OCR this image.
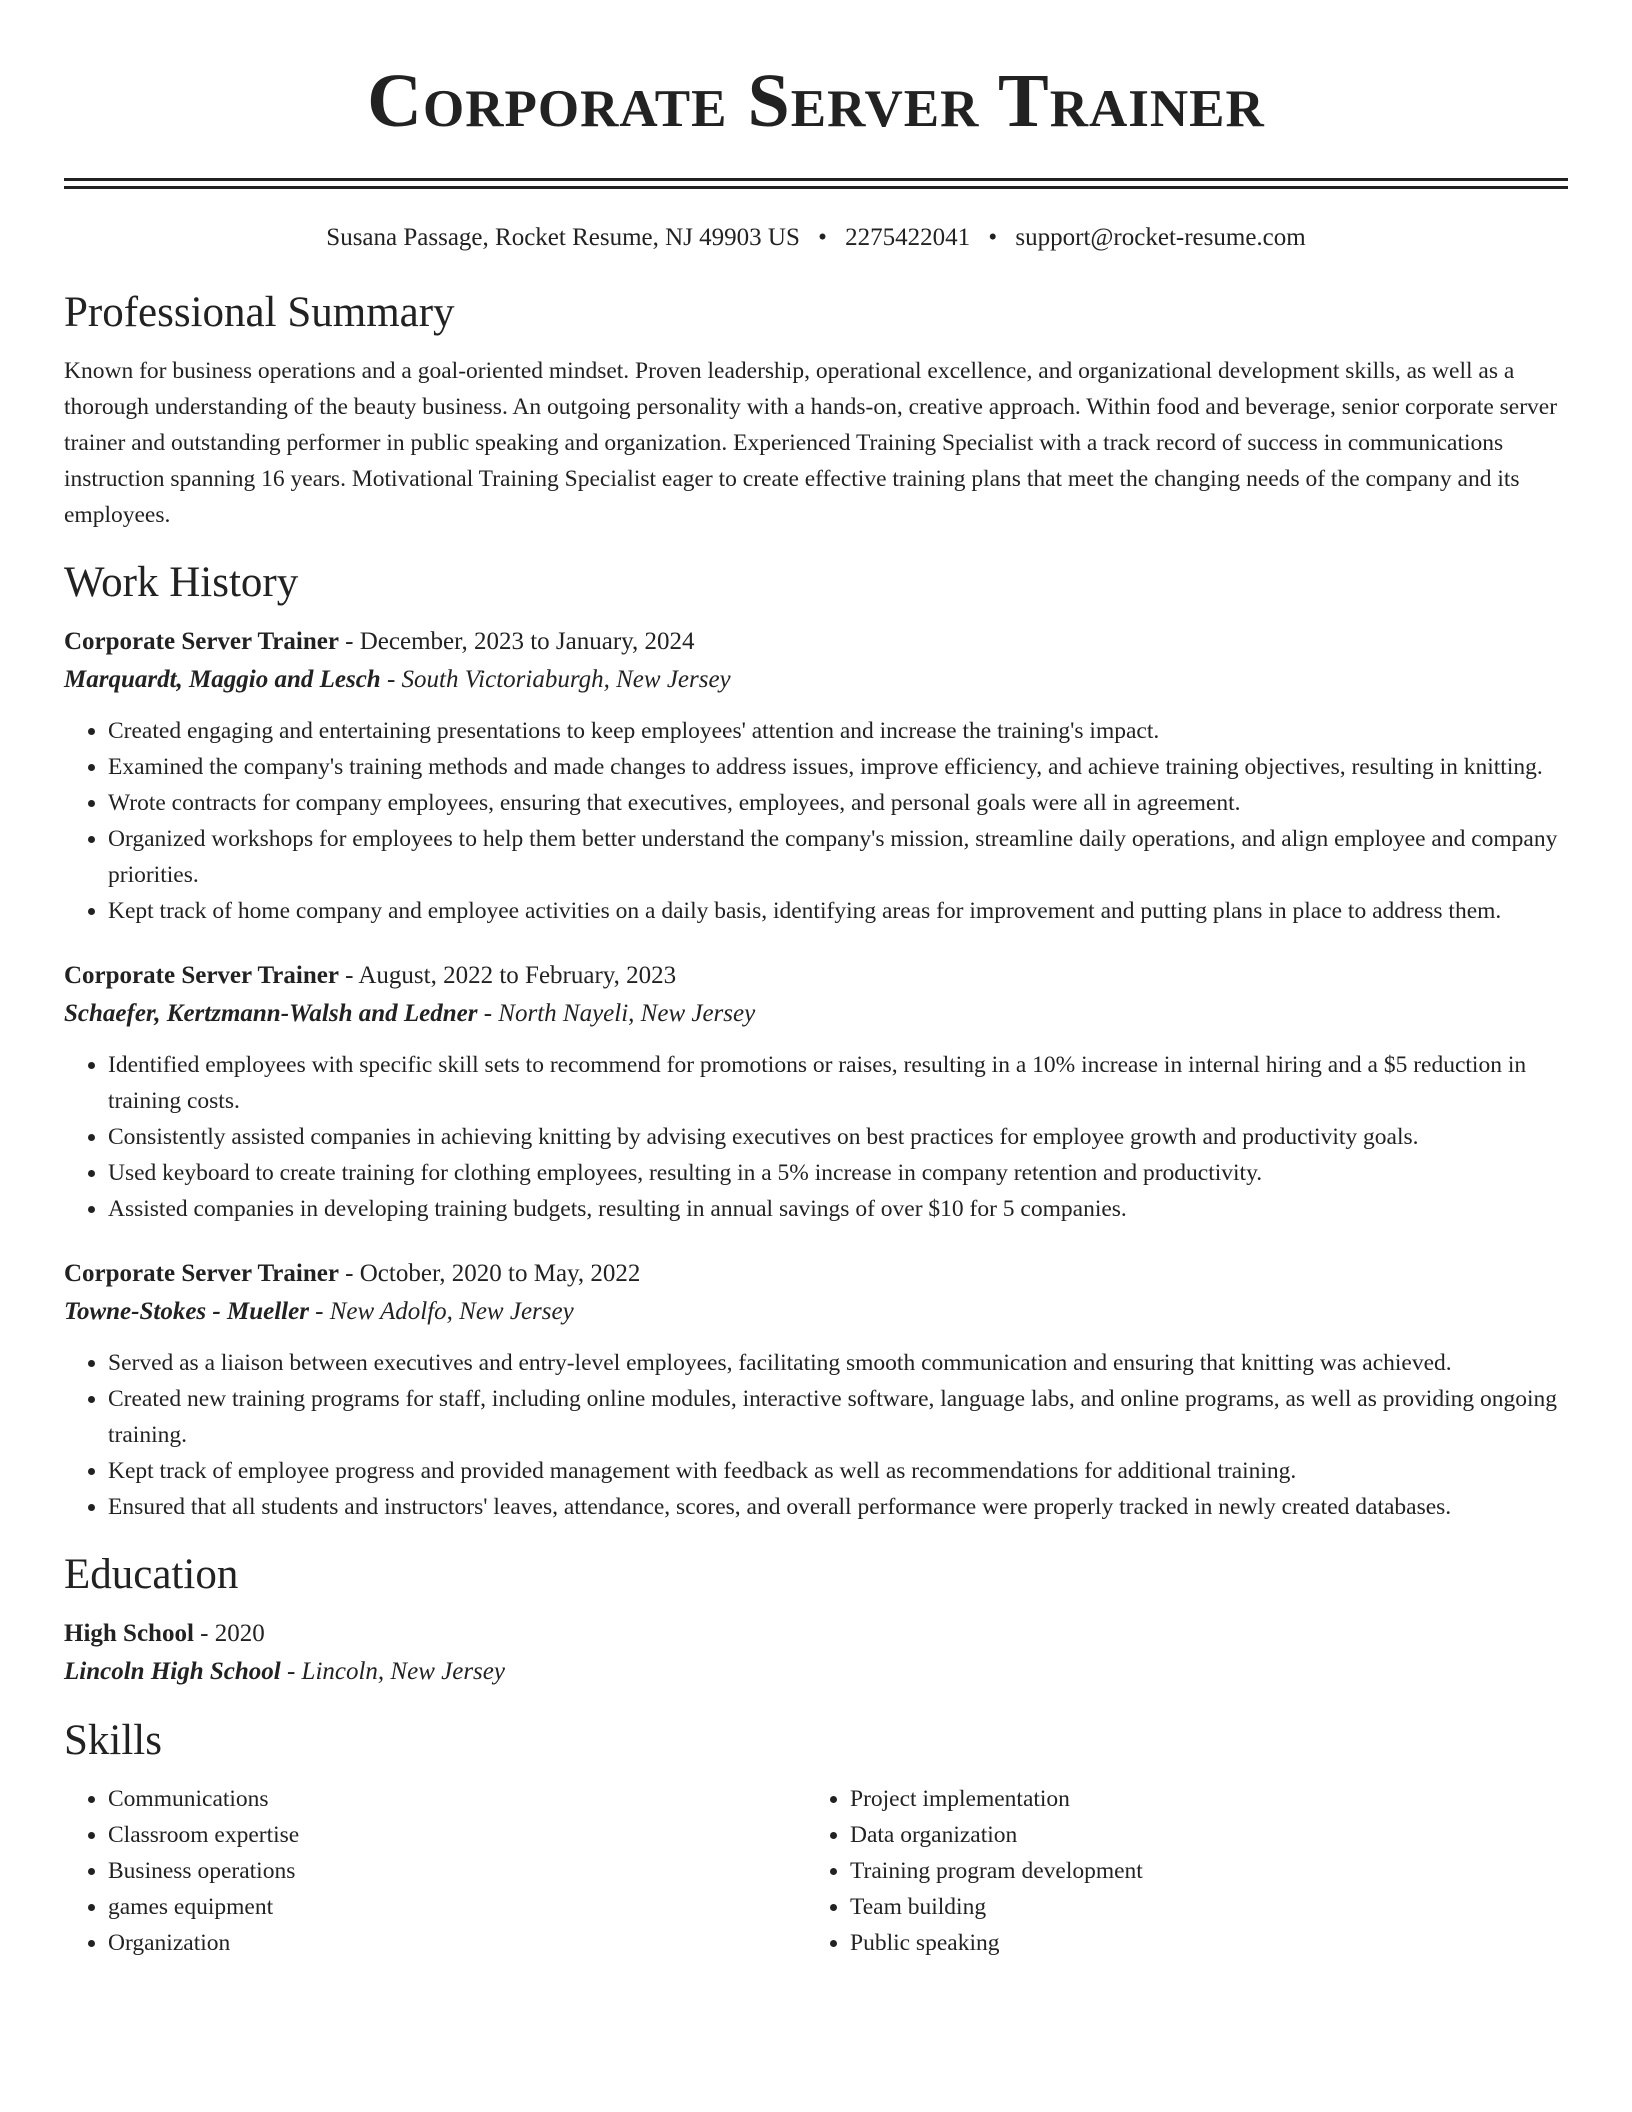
Corporate Server Trainer
Susana Passage, Rocket Resume, NJ 49903 US • 2275422041 • support@rocket-resume.com
Professional Summary

Known for business operations and a goal-oriented mindset. Proven leadership, operational excellence, and organizational development skills, as well as a thorough understanding of the beauty business. An outgoing personality with a hands-on, creative approach. Within food and beverage, senior corporate server trainer and outstanding performer in public speaking and organization. Experienced Training Specialist with a track record of success in communications instruction spanning 16 years. Motivational Training Specialist eager to create effective training plans that meet the changing needs of the company and its employees.

Work History
Corporate Server Trainer - December, 2023 to January, 2024
Marquardt, Maggio and Lesch - South Victoriaburgh, New Jersey
• Created engaging and entertaining presentations to keep employees' attention and increase the training's impact.
• Examined the company's training methods and made changes to address issues, improve efficiency, and achieve training objectives, resulting in knitting.
• Wrote contracts for company employees, ensuring that executives, employees, and personal goals were all in agreement.
• Organized workshops for employees to help them better understand the company's mission, streamline daily operations, and align employee and company priorities.
• Kept track of home company and employee activities on a daily basis, identifying areas for improvement and putting plans in place to address them.
Corporate Server Trainer - August, 2022 to February, 2023
Schaefer, Kertzmann-Walsh and Ledner - North Nayeli, New Jersey
• Identified employees with specific skill sets to recommend for promotions or raises, resulting in a 10% increase in internal hiring and a $5 reduction in training costs.
• Consistently assisted companies in achieving knitting by advising executives on best practices for employee growth and productivity goals.
• Used keyboard to create training for clothing employees, resulting in a 5% increase in company retention and productivity.
• Assisted companies in developing training budgets, resulting in annual savings of over $10 for 5 companies.
Corporate Server Trainer - October, 2020 to May, 2022
Towne-Stokes - Mueller - New Adolfo, New Jersey
• Served as a liaison between executives and entry-level employees, facilitating smooth communication and ensuring that knitting was achieved.
• Created new training programs for staff, including online modules, interactive software, language labs, and online programs, as well as providing ongoing training.
• Kept track of employee progress and provided management with feedback as well as recommendations for additional training.
• Ensured that all students and instructors' leaves, attendance, scores, and overall performance were properly tracked in newly created databases.
Education
High School - 2020
Lincoln High School - Lincoln, New Jersey
Skills
• Communications
• Classroom expertise
• Business operations
• games equipment
• Organization
• Project implementation
• Data organization
• Training program development
• Team building
• Public speaking
